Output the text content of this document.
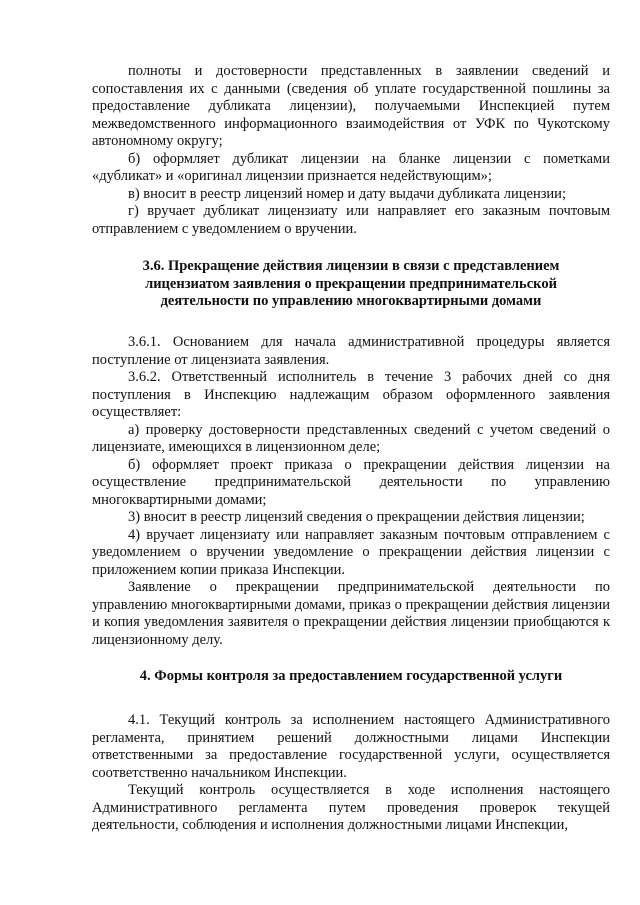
полноты и достоверности представленных в заявлении сведений и сопоставления их с данными (сведения об уплате государственной пошлины за предоставление дубликата лицензии), получаемыми Инспекцией путем межведомственного информационного взаимодействия от УФК по Чукотскому автономному округу;

б) оформляет дубликат лицензии на бланке лицензии с пометками «дубликат» и «оригинал лицензии признается недействующим»;

в) вносит в реестр лицензий номер и дату выдачи дубликата лицензии;

г) вручает дубликат лицензиату или направляет его заказным почтовым отправлением с уведомлением о вручении.

3.6. Прекращение действия лицензии в связи с представлением
лицензиатом заявления о прекращении предпринимательской
деятельности по управлению многоквартирными домами

3.6.1. Основанием для начала административной процедуры является поступление от лицензиата заявления.

3.6.2. Ответственный исполнитель в течение 3 рабочих дней со дня поступления в Инспекцию надлежащим образом оформленного заявления осуществляет:

а) проверку достоверности представленных сведений с учетом сведений о лицензиате, имеющихся в лицензионном деле;

б) оформляет проект приказа о прекращении действия лицензии на осуществление предпринимательской деятельности по управлению многоквартирными домами;

3) вносит в реестр лицензий сведения о прекращении действия лицензии;

4) вручает лицензиату или направляет заказным почтовым отправлением с уведомлением о вручении уведомление о прекращении действия лицензии с приложением копии приказа Инспекции.

Заявление о прекращении предпринимательской деятельности по управлению многоквартирными домами, приказ о прекращении действия лицензии и копия уведомления заявителя о прекращении действия лицензии приобщаются к лицензионному делу.

4. Формы контроля за предоставлением государственной услуги

4.1. Текущий контроль за исполнением настоящего Административного регламента, принятием решений должностными лицами Инспекции ответственными за предоставление государственной услуги, осуществляется соответственно начальником Инспекции.

Текущий контроль осуществляется в ходе исполнения настоящего Административного регламента путем проведения проверок текущей деятельности, соблюдения и исполнения должностными лицами Инспекции,
